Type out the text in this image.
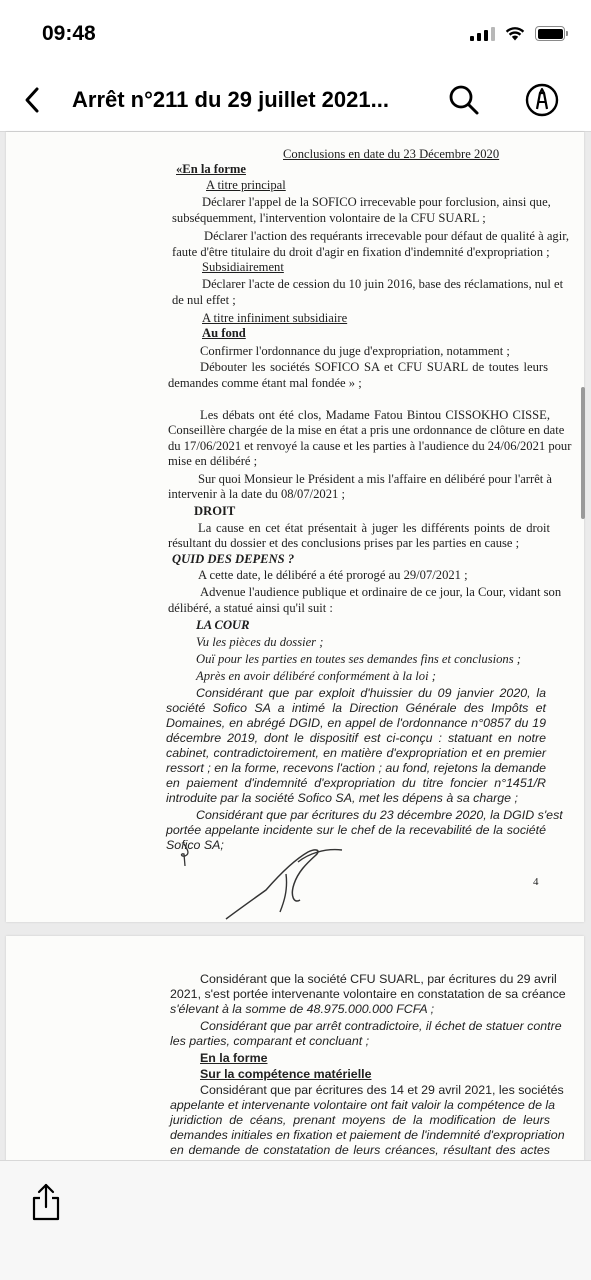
09:48
Arrêt n°211 du 29 juillet 2021...
Conclusions en date du 23 Décembre 2020
«En la forme
A titre principal
Déclarer l'appel de la SOFICO irrecevable pour forclusion, ainsi que,
subséquemment, l'intervention volontaire de la CFU SUARL ;
Déclarer l'action des requérants irrecevable pour défaut de qualité à agir,
faute d'être titulaire du droit d'agir en fixation d'indemnité d'expropriation ;
Subsidiairement
Déclarer l'acte de cession du 10 juin 2016, base des réclamations, nul et
de nul effet ;
A titre infiniment subsidiaire
Au fond
Confirmer l'ordonnance du juge d'expropriation, notamment ;
Débouter les sociétés SOFICO SA et CFU SUARL de toutes leurs
demandes comme étant mal fondée » ;
Les débats ont été clos, Madame Fatou Bintou CISSOKHO CISSE,
Conseillère chargée de la mise en état a pris une ordonnance de clôture en date
du 17/06/2021 et renvoyé la cause et les parties à l'audience du 24/06/2021 pour
mise en délibéré ;
Sur quoi Monsieur le Président a mis l'affaire en délibéré pour l'arrêt à
intervenir à la date du 08/07/2021 ;
DROIT
La cause en cet état présentait à juger les différents points de droit
résultant du dossier et des conclusions prises par les parties en cause ;
QUID DES DEPENS ?
A cette date, le délibéré a été prorogé au 29/07/2021 ;
Advenue l'audience publique et ordinaire de ce jour, la Cour, vidant son
délibéré, a statué ainsi qu'il suit :
LA COUR
Vu les pièces du dossier ;
Ouï pour les parties en toutes ses demandes fins et conclusions ;
Après en avoir délibéré conformément à la loi ;
Considérant que par exploit d'huissier du 09 janvier 2020, la
société Sofico SA a intimé la Direction Générale des Impôts et
Domaines, en abrégé DGID, en appel de l'ordonnance n°0857 du 19
décembre 2019, dont le dispositif est ci-conçu : statuant en notre
cabinet, contradictoirement, en matière d'expropriation et en premier
ressort ; en la forme, recevons l'action ; au fond, rejetons la demande
en paiement d'indemnité d'expropriation du titre foncier n°1451/R
introduite par la société Sofico SA, met les dépens à sa charge ;
Considérant que par écritures du 23 décembre 2020, la DGID s'est
portée appelante incidente sur le chef de la recevabilité de la société
Sofico SA;
4
Considérant que la société CFU SUARL, par écritures du 29 avril
2021, s'est portée intervenante volontaire en constatation de sa créance
s'élevant à la somme de 48.975.000.000 FCFA ;
Considérant que par arrêt contradictoire, il échet de statuer contre
les parties, comparant et concluant ;
En la forme
Sur la compétence matérielle
Considérant que par écritures des 14 et 29 avril 2021, les sociétés
appelante et intervenante volontaire ont fait valoir la compétence de la
juridiction de céans, prenant moyens de la modification de leurs
demandes initiales en fixation et paiement de l'indemnité d'expropriation
en demande de constatation de leurs créances, résultant des actes
